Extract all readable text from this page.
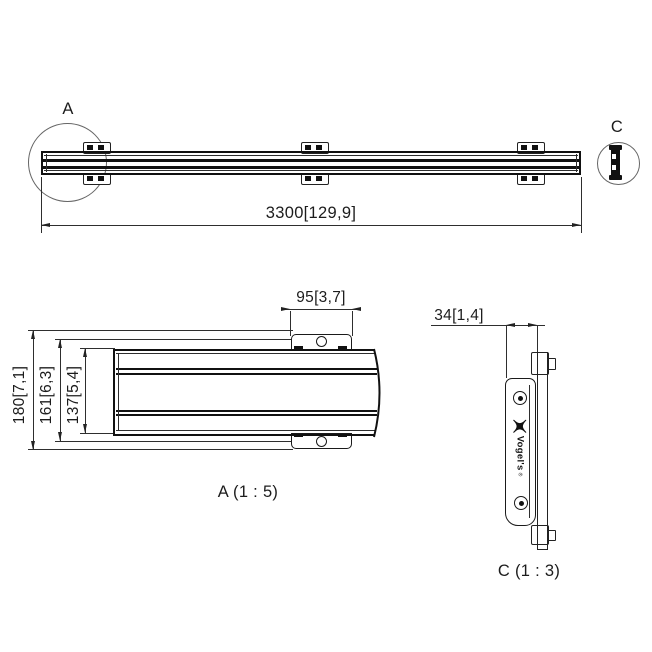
A
3300[129,9]
C
180[7,1] 161[6,3] 137[5,4]
95[3,7]
A (1 : 5)
34[1,4]
Vogel's
®
C (1 : 3)
